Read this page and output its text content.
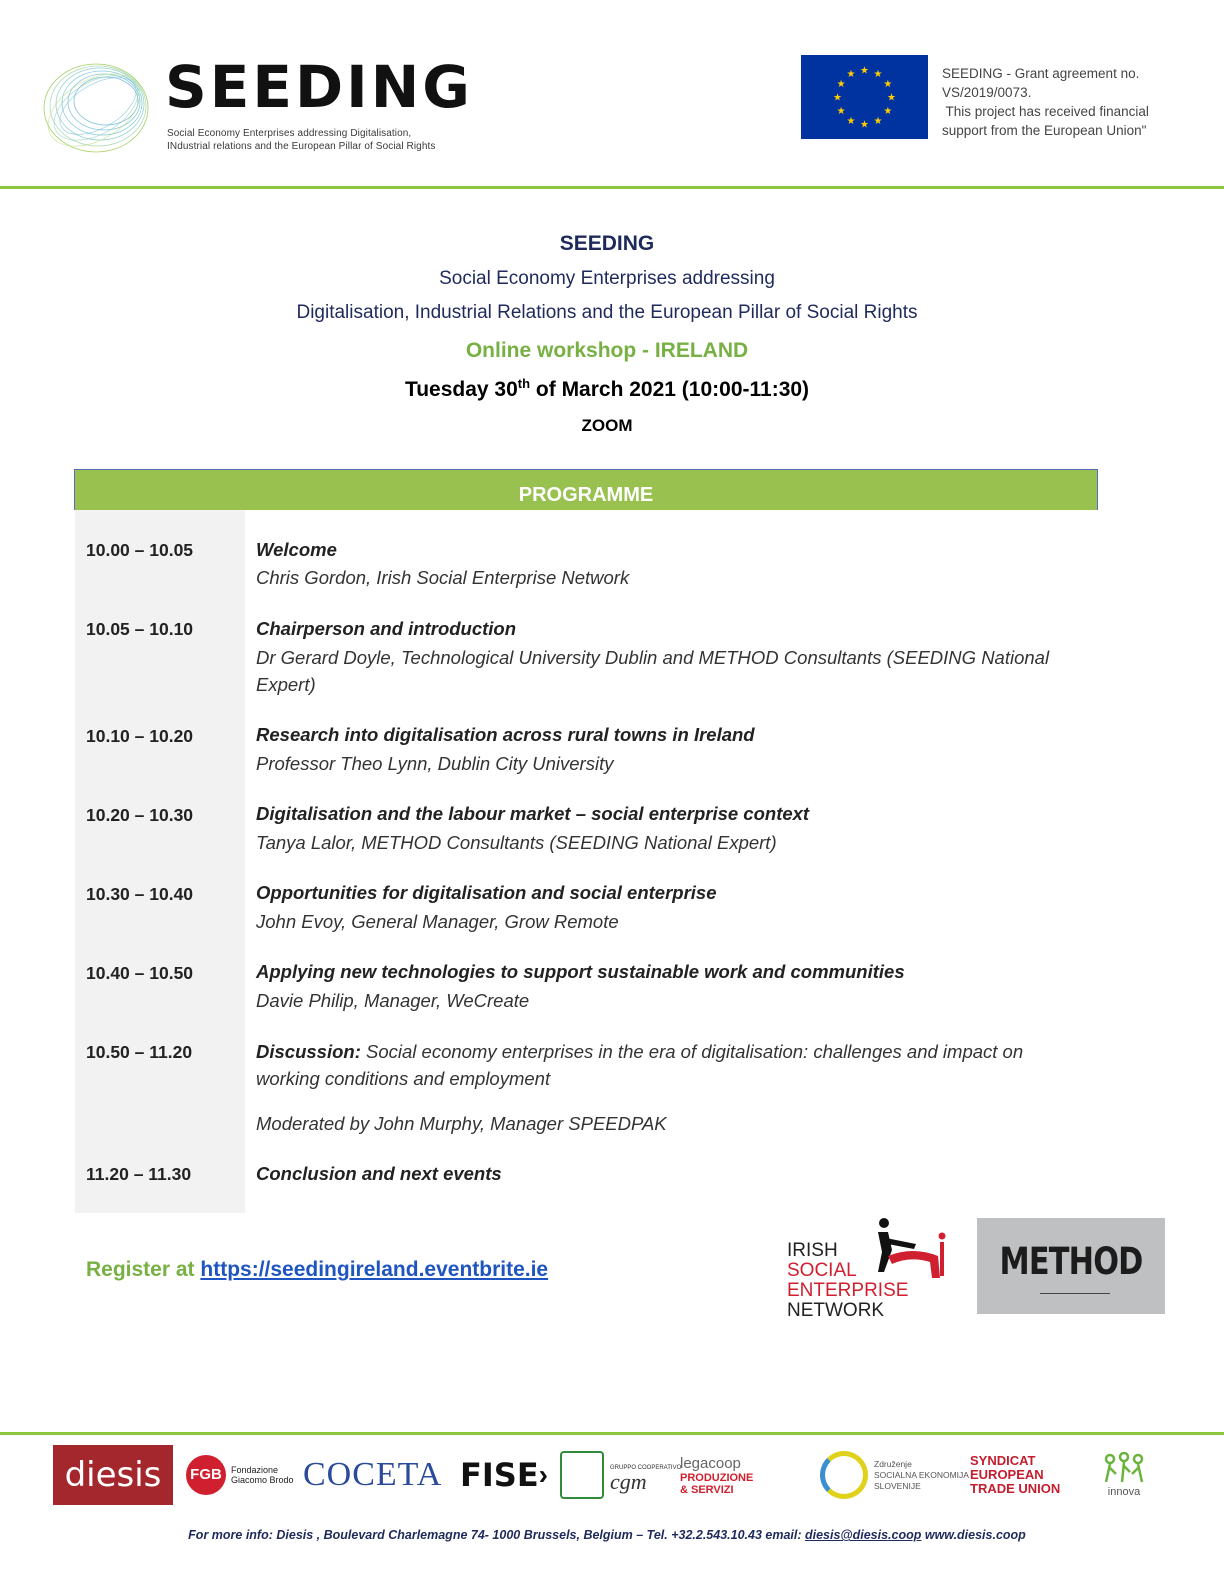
SEEDING
Social Economy Enterprises addressing Digitalisation,
INdustrial relations and the European Pillar of Social Rights
★ ★
★
★
★
★
★
★
★
★
★
★	SEEDING - Grant agreement no.
VS/2019/0073.
This project has received financial
support from the European Union"
SEEDING
Social Economy Enterprises addressing
Digitalisation, Industrial Relations and the European Pillar of Social Rights
Online workshop - IRELAND
Tuesday 30th of March 2021 (10:00-11:30)
ZOOM
PROGRAMME
10.00 – 10.05	Welcome
Chris Gordon, Irish Social Enterprise Network
10.05 – 10.10	Chairperson and introduction
Dr Gerard Doyle, Technological University Dublin and METHOD Consultants (SEEDING National Expert)
10.10 – 10.20	Research into digitalisation across rural towns in Ireland
Professor Theo Lynn, Dublin City University
10.20 – 10.30	Digitalisation and the labour market – social enterprise context
Tanya Lalor, METHOD Consultants (SEEDING National Expert)
10.30 – 10.40	Opportunities for digitalisation and social enterprise
John Evoy, General Manager, Grow Remote
10.40 – 10.50	Applying new technologies to support sustainable work and communities
Davie Philip, Manager, WeCreate
10.50 – 11.20	Discussion: Social economy enterprises in the era of digitalisation: challenges and impact on working conditions and employment
Moderated by John Murphy, Manager SPEEDPAK
11.20 – 11.30	Conclusion and next events
Register at https://seedingireland.eventbrite.ie
IRISH
SOCIAL
ENTERPRISE
NETWORK
METHOD
diesis FGB	Fondazione
Giacomo Brodo COCETA FISE ›	GRUPPO COOPERATIVO
cgm
legacoop
PRODUZIONE
& SERVIZI
Združenje
SOCIALNA EKONOMIJA
SLOVENIJE
SYNDICAT
EUROPEAN
TRADE UNION	innova
For more info: Diesis , Boulevard Charlemagne 74- 1000 Brussels, Belgium – Tel. +32.2.543.10.43 email: diesis@diesis.coop www.diesis.coop
